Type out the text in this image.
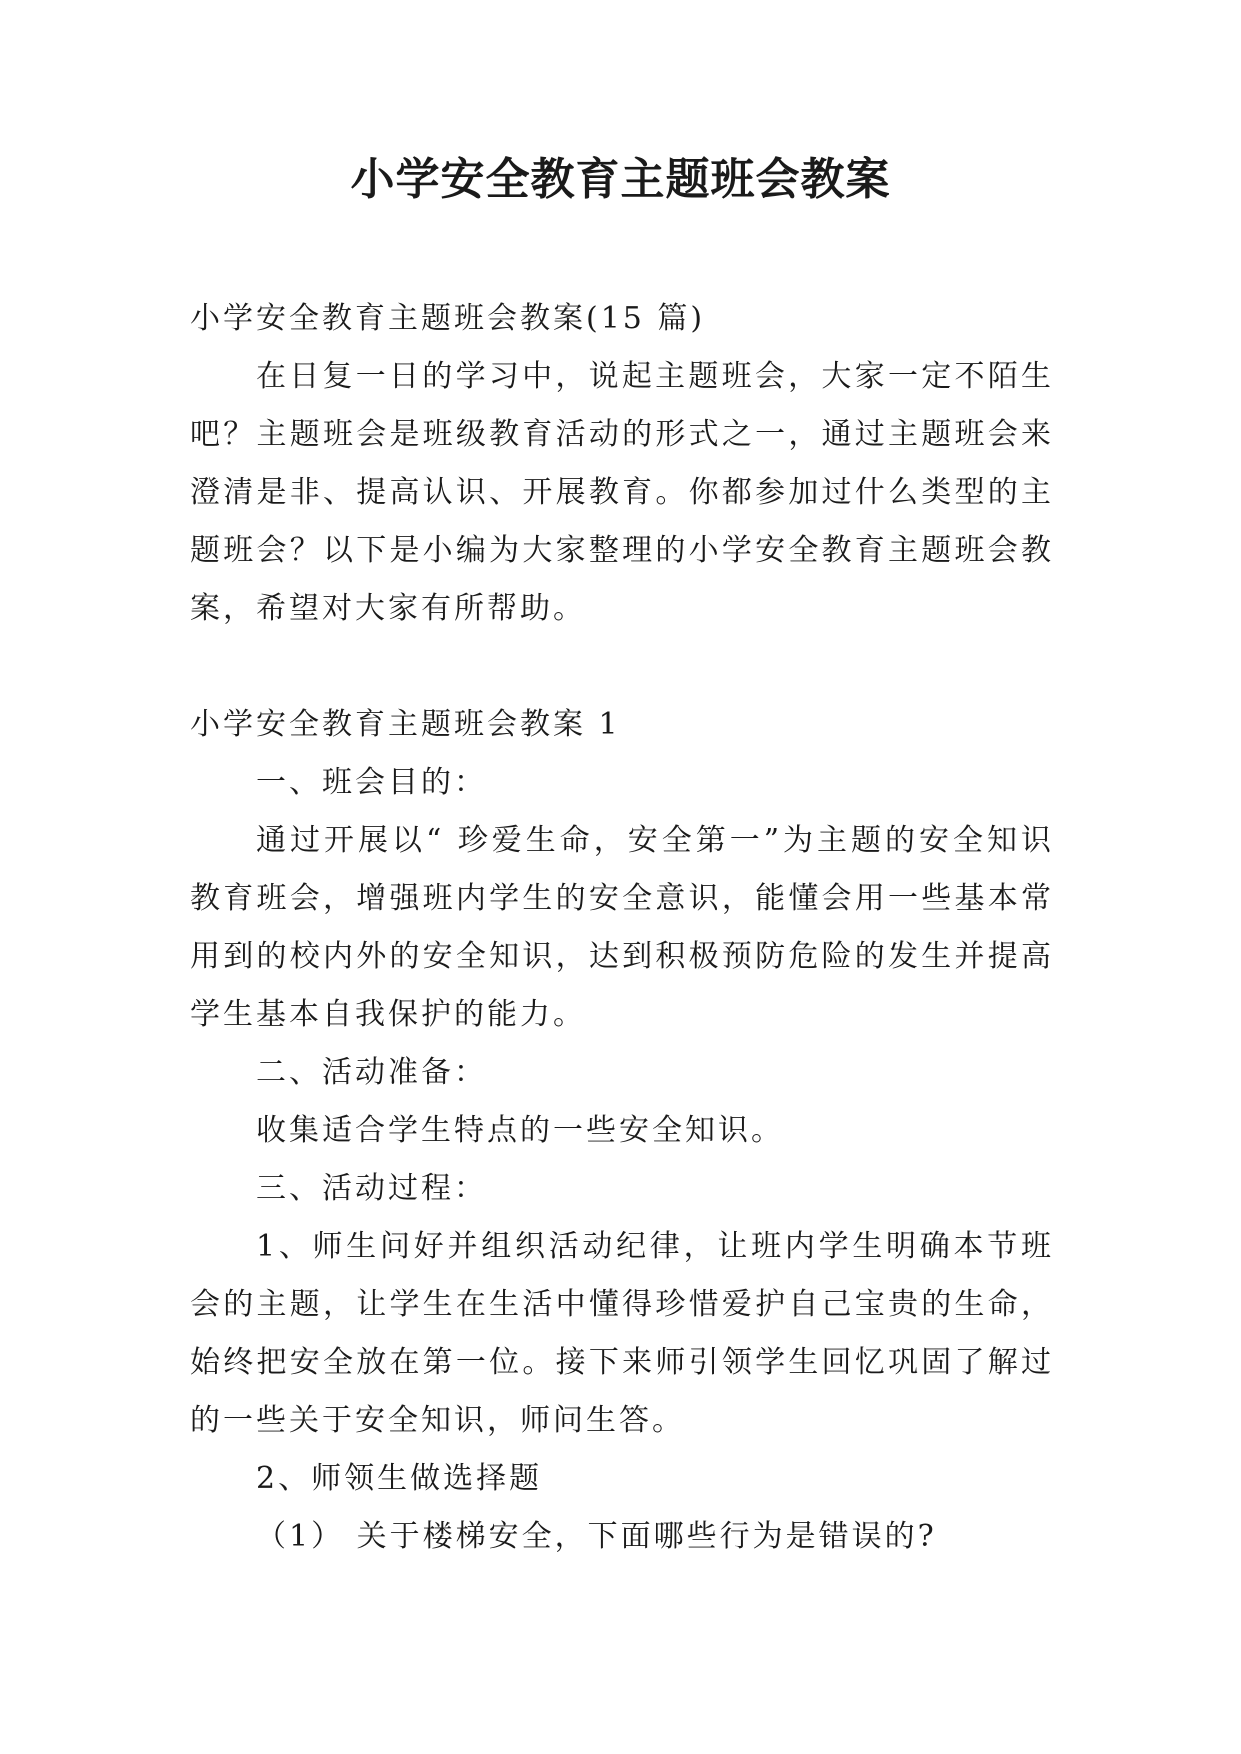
小学安全教育主题班会教案

小学安全教育主题班会教案(15 篇)

在日复一日的学习中，说起主题班会，大家一定不陌生吧？主题班会是班级教育活动的形式之一，通过主题班会来澄清是非、提高认识、开展教育。你都参加过什么类型的主题班会？以下是小编为大家整理的小学安全教育主题班会教案，希望对大家有所帮助。

小学安全教育主题班会教案 1

一、班会目的：

通过开展以“ 珍爱生命，安全第一”为主题的安全知识教育班会，增强班内学生的安全意识，能懂会用一些基本常用到的校内外的安全知识，达到积极预防危险的发生并提高学生基本自我保护的能力。

二、活动准备：

收集适合学生特点的一些安全知识。

三、活动过程：

1、师生问好并组织活动纪律，让班内学生明确本节班会的主题，让学生在生活中懂得珍惜爱护自己宝贵的生命，始终把安全放在第一位。接下来师引领学生回忆巩固了解过的一些关于安全知识，师问生答。

2、师领生做选择题

（1） 关于楼梯安全，下面哪些行为是错误的?
